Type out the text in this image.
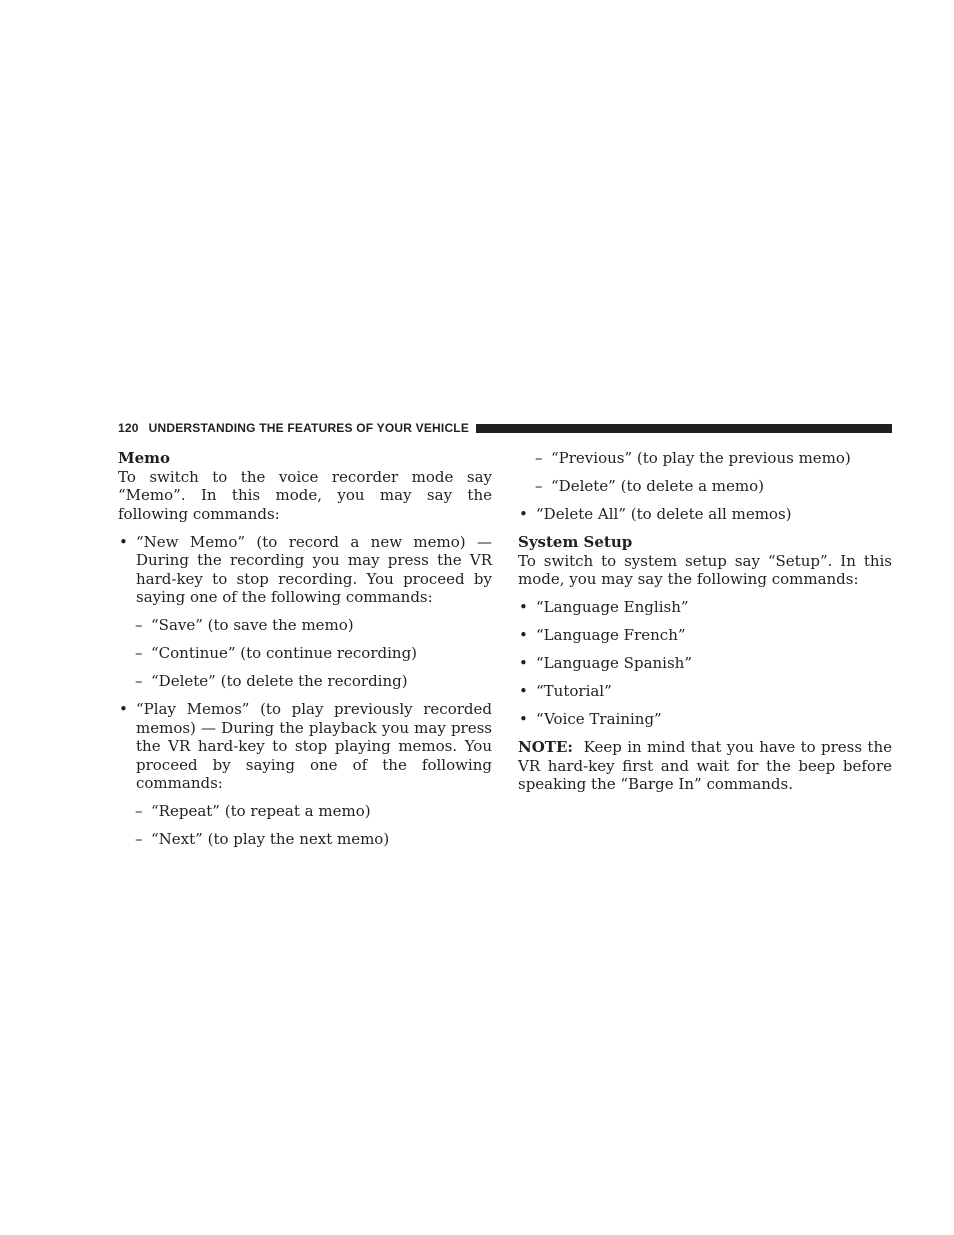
120 UNDERSTANDING THE FEATURES OF YOUR VEHICLE

Memo

To switch to the voice recorder mode say “Memo”. In this mode, you may say the following commands:

• “New Memo” (to record a new memo) — During the recording you may press the VR hard-key to stop recording. You proceed by saying one of the following commands:
– “Save” (to save the memo)
– “Continue” (to continue recording)
– “Delete” (to delete the recording)
• “Play Memos” (to play previously recorded memos) — During the playback you may press the VR hard-key to stop playing memos. You proceed by saying one of the following commands:
– “Repeat” (to repeat a memo)
– “Next” (to play the next memo)
– “Previous” (to play the previous memo)
– “Delete” (to delete a memo)
• “Delete All” (to delete all memos)

System Setup

To switch to system setup say “Setup”. In this mode, you may say the following commands:

• “Language English”
• “Language French”
• “Language Spanish”
• “Tutorial”
• “Voice Training”

NOTE: Keep in mind that you have to press the VR hard-key first and wait for the beep before speaking the “Barge In” commands.
